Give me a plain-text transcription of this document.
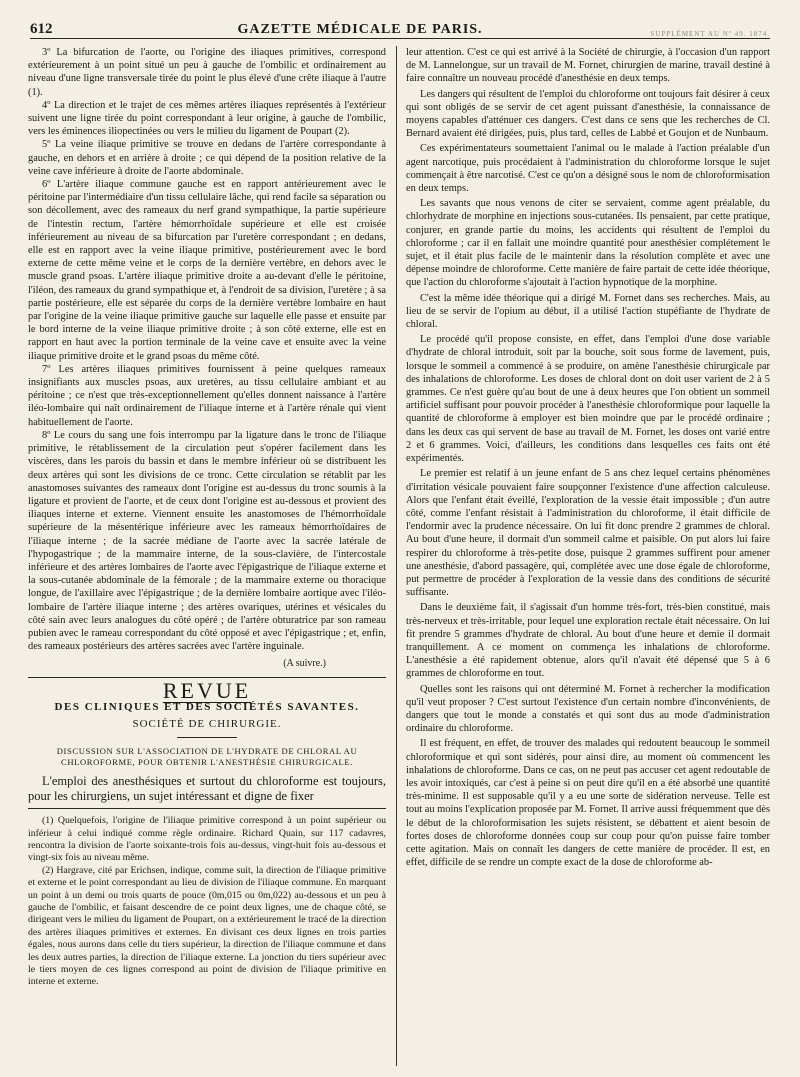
612	GAZETTE MÉDICALE DE PARIS.	SUPPLÉMENT AU Nº 49. 1874.

3º La bifurcation de l'aorte, ou l'origine des iliaques primitives, correspond extérieurement à un point situé un peu à gauche de l'ombilic et ordinairement au niveau d'une ligne transversale tirée du point le plus élevé d'une crête iliaque à l'autre (1).

4º La direction et le trajet de ces mêmes artères iliaques représentés à l'extérieur suivent une ligne tirée du point correspondant à leur origine, à gauche de l'ombilic, vers les éminences iliopectinées ou vers le milieu du ligament de Poupart (2).

5º La veine iliaque primitive se trouve en dedans de l'artère correspondante à gauche, en dehors et en arrière à droite ; ce qui dépend de la position relative de la veine cave inférieure à droite de l'aorte abdominale.

6º L'artère iliaque commune gauche est en rapport antérieurement avec le péritoine par l'intermédiaire d'un tissu cellulaire lâche, qui rend facile sa séparation ou son décollement, avec des rameaux du nerf grand sympathique, la partie supérieure de l'intestin rectum, l'artère hémorrhoïdale supérieure et elle est croisée inférieurement au niveau de sa bifurcation par l'uretère correspondant ; en dedans, elle est en rapport avec la veine iliaque primitive, postérieurement avec le bord externe de cette même veine et le corps de la dernière vertèbre, en dehors avec le muscle grand psoas. L'artère iliaque primitive droite a au-devant d'elle le péritoine, l'iléon, des rameaux du grand sympathique et, à l'endroit de sa division, l'uretère ; à sa partie postérieure, elle est séparée du corps de la dernière vertèbre lombaire en haut par l'origine de la veine iliaque primitive gauche sur laquelle elle passe et ensuite par le bord interne de la veine iliaque primitive droite ; à son côté externe, elle est en rapport en haut avec la portion terminale de la veine cave et ensuite avec la veine iliaque primitive droite et le grand psoas du même côté.

7º Les artères iliaques primitives fournissent à peine quelques rameaux insignifiants aux muscles psoas, aux uretères, au tissu cellulaire ambiant et au péritoine ; ce n'est que très-exceptionnellement qu'elles donnent naissance à l'artère iléo-lombaire qui naît ordinairement de l'iliaque interne et à l'artère rénale qui vient habituellement de l'aorte.

8º Le cours du sang une fois interrompu par la ligature dans le tronc de l'iliaque primitive, le rétablissement de la circulation peut s'opérer facilement dans les viscères, dans les parois du bassin et dans le membre inférieur où se distribuent les deux artères qui sont les divisions de ce tronc. Cette circulation se rétablit par les anastomoses suivantes des rameaux dont l'origine est au-dessus du tronc soumis à la ligature et provient de l'aorte, et de ceux dont l'origine est au-dessous et provient des iliaques interne et externe. Viennent ensuite les anastomoses de l'hémorrhoïdale supérieure de la mésentérique inférieure avec les rameaux hémorrhoïdaires de l'iliaque interne ; de la sacrée médiane de l'aorte avec la sacrée latérale de l'hypogastrique ; de la mammaire interne, de la sous-clavière, de l'intercostale inférieure et des artères lombaires de l'aorte avec l'épigastrique de l'iliaque externe et la sous-cutanée abdominale de la fémorale ; de la mammaire externe ou thoracique longue, de l'axillaire avec l'épigastrique ; de la dernière lombaire aortique avec l'iléo-lombaire de l'artère iliaque interne ; des artères ovariques, utérines et vésicales du côté sain avec leurs analogues du côté opéré ; de l'artère obturatrice par son rameau pubien avec le rameau correspondant du côté opposé et avec l'épigastrique ; et, enfin, des rameaux postérieurs des artères sacrées avec l'artère inguinale.

(A suivre.)
REVUE
DES CLINIQUES ET DES SOCIÉTÉS SAVANTES.
SOCIÉTÉ DE CHIRURGIE.
DISCUSSION SUR L'ASSOCIATION DE L'HYDRATE DE CHLORAL AU CHLOROFORME, POUR OBTENIR L'ANESTHÉSIE CHIRURGICALE.

L'emploi des anesthésiques et surtout du chloroforme est toujours, pour les chirurgiens, un sujet intéressant et digne de fixer

(1) Quelquefois, l'origine de l'iliaque primitive correspond à un point supérieur ou inférieur à celui indiqué comme règle ordinaire. Richard Quain, sur 117 cadavres, rencontra la division de l'aorte soixante-trois fois au-dessus, vingt-huit fois au-dessous et vingt-six fois au niveau même.

(2) Hargrave, cité par Erichsen, indique, comme suit, la direction de l'iliaque primitive et externe et le point correspondant au lieu de division de l'iliaque commune. En marquant un point à un demi ou trois quarts de pouce (0m,015 ou 0m,022) au-dessous et un peu à gauche de l'ombilic, et faisant descendre de ce point deux lignes, une de chaque côté, se dirigeant vers le milieu du ligament de Poupart, on a extérieurement le tracé de la direction des artères iliaques primitives et externes. En divisant ces deux lignes en trois parties égales, nous aurons dans celle du tiers supérieur, la direction de l'iliaque commune et dans les deux autres parties, la direction de l'iliaque externe. La jonction du tiers supérieur avec le tiers moyen de ces lignes correspond au point de division de l'iliaque primitive en interne et externe.

leur attention. C'est ce qui est arrivé à la Société de chirurgie, à l'occasion d'un rapport de M. Lannelongue, sur un travail de M. Fornet, chirurgien de marine, travail destiné à faire connaître un nouveau procédé d'anesthésie en deux temps.

Les dangers qui résultent de l'emploi du chloroforme ont toujours fait désirer à ceux qui sont obligés de se servir de cet agent puissant d'anesthésie, la connaissance de moyens capables d'atténuer ces dangers. C'est dans ce sens que les recherches de Cl. Bernard avaient été dirigées, puis, plus tard, celles de Labbé et Goujon et de Nunbaum.

Ces expérimentateurs soumettaient l'animal ou le malade à l'action préalable d'un agent narcotique, puis procédaient à l'administration du chloroforme lorsque le sujet commençait à être narcotisé. C'est ce qu'on a désigné sous le nom de chloroformisation en deux temps.

Les savants que nous venons de citer se servaient, comme agent préalable, du chlorhydrate de morphine en injections sous-cutanées. Ils pensaient, par cette pratique, conjurer, en grande partie du moins, les accidents qui résultent de l'emploi du chloroforme ; car il en fallait une moindre quantité pour anesthésier complétement le sujet, et il était plus facile de le maintenir dans la résolution complète et avec une dépense moindre de chloroforme. Cette manière de faire partait de cette idée théorique, que l'action du chloroforme s'ajoutait à l'action hypnotique de la morphine.

C'est la même idée théorique qui a dirigé M. Fornet dans ses recherches. Mais, au lieu de se servir de l'opium au début, il a utilisé l'action stupéfiante de l'hydrate de chloral.

Le procédé qu'il propose consiste, en effet, dans l'emploi d'une dose variable d'hydrate de chloral introduit, soit par la bouche, soit sous forme de lavement, puis, lorsque le sommeil a commencé à se produire, on amène l'anesthésie chirurgicale par des inhalations de chloroforme. Les doses de chloral dont on doit user varient de 2 à 5 grammes. Ce n'est guère qu'au bout de une à deux heures que l'on obtient un sommeil artificiel suffisant pour pouvoir procéder à l'anesthésie chloroformique pour laquelle la quantité de chloroforme à employer est bien moindre que par le procédé ordinaire ; dans les deux cas qui servent de base au travail de M. Fornet, les doses ont varié entre 2 et 6 grammes. Voici, d'ailleurs, les conditions dans lesquelles ces faits ont été expérimentés.

Le premier est relatif à un jeune enfant de 5 ans chez lequel certains phénomènes d'irritation vésicale pouvaient faire soupçonner l'existence d'une affection calculeuse. Alors que l'enfant était éveillé, l'exploration de la vessie était impossible ; d'un autre côté, comme l'enfant résistait à l'administration du chloroforme, il était difficile de l'endormir avec la prudence nécessaire. On lui fit donc prendre 2 grammes de chloral. Au bout d'une heure, il dormait d'un sommeil calme et paisible. On put alors lui faire respirer du chloroforme à très-petite dose, puisque 2 grammes suffirent pour amener une anesthésie, d'abord passagère, qui, complétée avec une dose égale de chloroforme, put permettre de procéder à l'exploration de la vessie dans des conditions de sécurité suffisante.

Dans le deuxième fait, il s'agissait d'un homme très-fort, très-bien constitué, mais très-nerveux et très-irritable, pour lequel une exploration rectale était nécessaire. On lui fit prendre 5 grammes d'hydrate de chloral. Au bout d'une heure et demie il dormait tranquillement. A ce moment on commença les inhalations de chloroforme. L'anesthésie a été rapidement obtenue, alors qu'il n'avait été dépensé que 5 à 6 grammes de chloroforme en tout.

Quelles sont les raisons qui ont déterminé M. Fornet à rechercher la modification qu'il veut proposer ? C'est surtout l'existence d'un certain nombre d'inconvénients, de dangers que tout le monde a constatés et qui sont dus au mode d'administration ordinaire du chloroforme.

Il est fréquent, en effet, de trouver des malades qui redoutent beaucoup le sommeil chloroformique et qui sont sidérés, pour ainsi dire, au moment où commencent les inhalations de chloroforme. Dans ce cas, on ne peut pas accuser cet agent redoutable de les avoir intoxiqués, car c'est à peine si on peut dire qu'il en a été absorbé une quantité très-minime. Il est supposable qu'il y a eu une sorte de sidération nerveuse. Telle est tout au moins l'explication proposée par M. Fornet. Il arrive aussi fréquemment que dès le début de la chloroformisation les sujets résistent, se débattent et aient besoin de fortes doses de chloroforme données coup sur coup pour qu'on puisse faire tomber cette agitation. Mais on connaît les dangers de cette manière de procéder. Il est, en effet, difficile de se rendre un compte exact de la dose de chloroforme ab-
